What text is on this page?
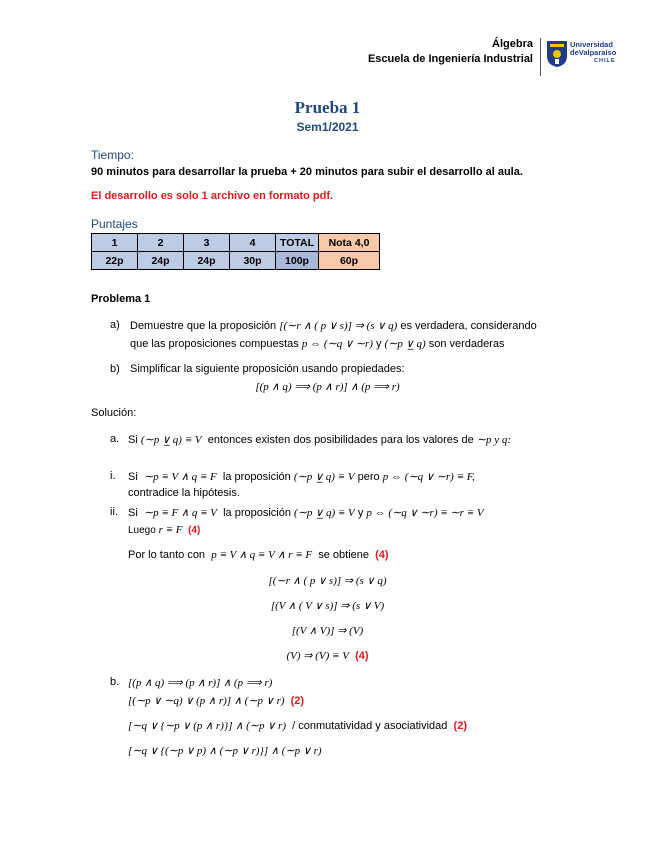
Álgebra
Escuela de Ingeniería Industrial
Universidad
deValparaíso
CHILE
Prueba 1
Sem1/2021
Tiempo:
90 minutos para desarrollar la prueba + 20 minutos para subir el desarrollo al aula.
El desarrollo es solo 1 archivo en formato pdf.
Puntajes
1	2	3	4	TOTAL	Nota 4,0
22p	24p	24p	30p	100p	60p
Problema 1
a) Demuestre que la proposición [(∼r ∧ ( p ∨ s)] ⇒ (s ∨ q) es verdadera, considerando
que las proposiciones compuestas p ⇔ (∼q ∨ ∼r) y (∼p ∨̲ q) son verdaderas
b) Simplificar la siguiente proposición usando propiedades:
[(p ∧ q) ⟹ (p ∧ r)] ∧ (p ⟹ r)
Solución:
a. Si (∼p ∨̲ q) ≡ V entonces existen dos posibilidades para los valores de ∼p y q:
i. Si ∼p ≡ V ∧ q ≡ F la proposición (∼p ∨̲ q) ≡ V pero p ⇔ (∼q ∨ ∼r) ≡ F,
contradice la hipótesis.
ii. Si ∼p ≡ F ∧ q ≡ V la proposición (∼p ∨̲ q) ≡ V y p ⇔ (∼q ∨ ∼r) ≡ ∼r ≡ V
Luego r ≡ F (4)
Por lo tanto con p ≡ V ∧ q ≡ V ∧ r ≡ F se obtiene (4)
[(∼r ∧ ( p ∨ s)] ⇒ (s ∨ q)
[(V ∧ ( V ∨ s)] ⇒ (s ∨ V)
[(V ∧ V)] ⇒ (V)
(V) ⇒ (V) ≡ V (4)
b. [(p ∧ q) ⟹ (p ∧ r)] ∧ (p ⟹ r)
[(∼p ∨ ∼q) ∨ (p ∧ r)] ∧ (∼p ∨ r) (2)
[∼q ∨ {∼p ∨ (p ∧ r)}] ∧ (∼p ∨ r) / conmutatividad y asociatividad (2)
[∼q ∨ {(∼p ∨ p) ∧ (∼p ∨ r)}] ∧ (∼p ∨ r)
